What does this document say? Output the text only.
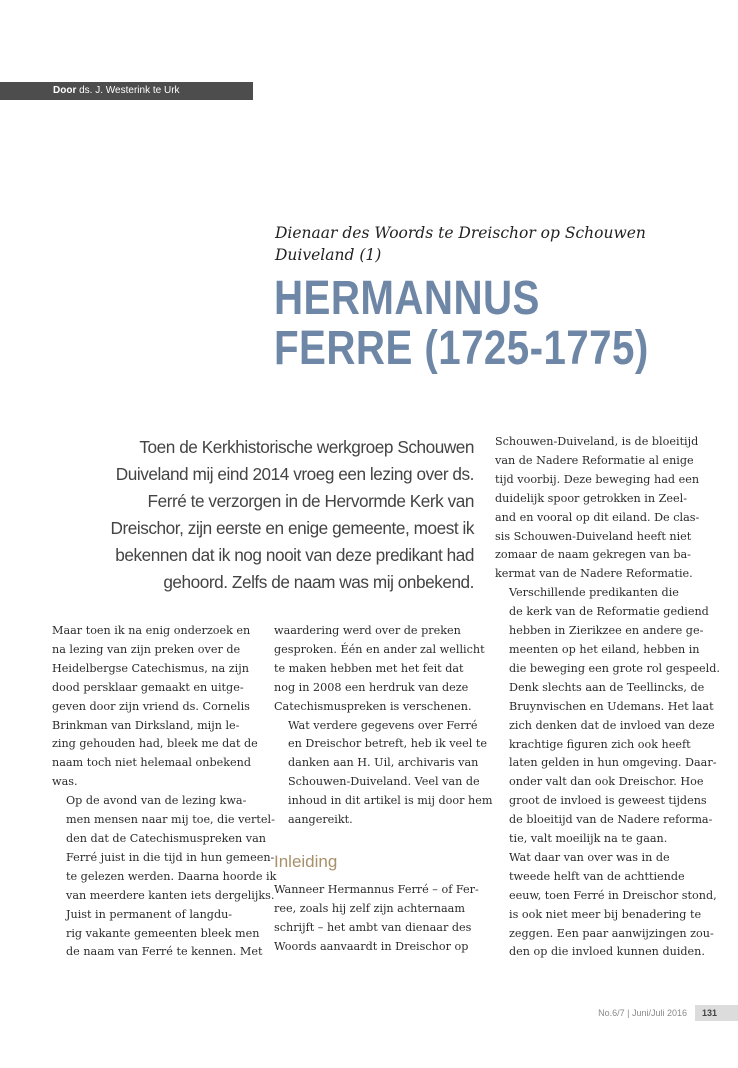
Door ds. J. Westerink te Urk
Dienaar des Woords te Dreischor op Schouwen Duiveland (1)
HERMANNUS
FERRE (1725-1775)

Toen de Kerkhistorische werkgroep Schouwen Duiveland mij eind 2014 vroeg een lezing over ds. Ferré te verzorgen in de Hervormde Kerk van Dreischor, zijn eerste en enige gemeente, moest ik bekennen dat ik nog nooit van deze predikant had gehoord. Zelfs de naam was mij onbekend.

Maar toen ik na enig onderzoek en
na lezing van zijn preken over de
Heidelbergse Catechismus, na zijn
dood persklaar gemaakt en uitge-
geven door zijn vriend ds. Cornelis
Brinkman van Dirksland, mijn le-
zing gehouden had, bleek me dat de
naam toch niet helemaal onbekend
was.

Op de avond van de lezing kwa-
men mensen naar mij toe, die vertel-
den dat de Catechismuspreken van
Ferré juist in die tijd in hun gemeen-
te gelezen werden. Daarna hoorde ik
van meerdere kanten iets dergelijks.

Juist in permanent of langdu-
rig vakante gemeenten bleek men
de naam van Ferré te kennen. Met

waardering werd over de preken
gesproken. Één en ander zal wellicht
te maken hebben met het feit dat
nog in 2008 een herdruk van deze
Catechismuspreken is verschenen.

Wat verdere gegevens over Ferré
en Dreischor betreft, heb ik veel te
danken aan H. Uil, archivaris van
Schouwen-Duiveland. Veel van de
inhoud in dit artikel is mij door hem
aangereikt.

Inleiding

Wanneer Hermannus Ferré – of Fer-
ree, zoals hij zelf zijn achternaam
schrijft – het ambt van dienaar des
Woords aanvaardt in Dreischor op

Schouwen-Duiveland, is de bloeitijd
van de Nadere Reformatie al enige
tijd voorbij. Deze beweging had een
duidelijk spoor getrokken in Zeel-
and en vooral op dit eiland. De clas-
sis Schouwen-Duiveland heeft niet
zomaar de naam gekregen van ba-
kermat van de Nadere Reformatie.

Verschillende predikanten die
de kerk van de Reformatie gediend
hebben in Zierikzee en andere ge-
meenten op het eiland, hebben in
die beweging een grote rol gespeeld.
Denk slechts aan de Teellincks, de
Bruynvischen en Udemans. Het laat
zich denken dat de invloed van deze
krachtige figuren zich ook heeft
laten gelden in hun omgeving. Daar-
onder valt dan ook Dreischor. Hoe
groot de invloed is geweest tijdens
de bloeitijd van de Nadere reforma-
tie, valt moeilijk na te gaan.

Wat daar van over was in de
tweede helft van de achttiende
eeuw, toen Ferré in Dreischor stond,
is ook niet meer bij benadering te
zeggen. Een paar aanwijzingen zou-
den op die invloed kunnen duiden.

No.6/7 | Juni/Juli 2016	131
